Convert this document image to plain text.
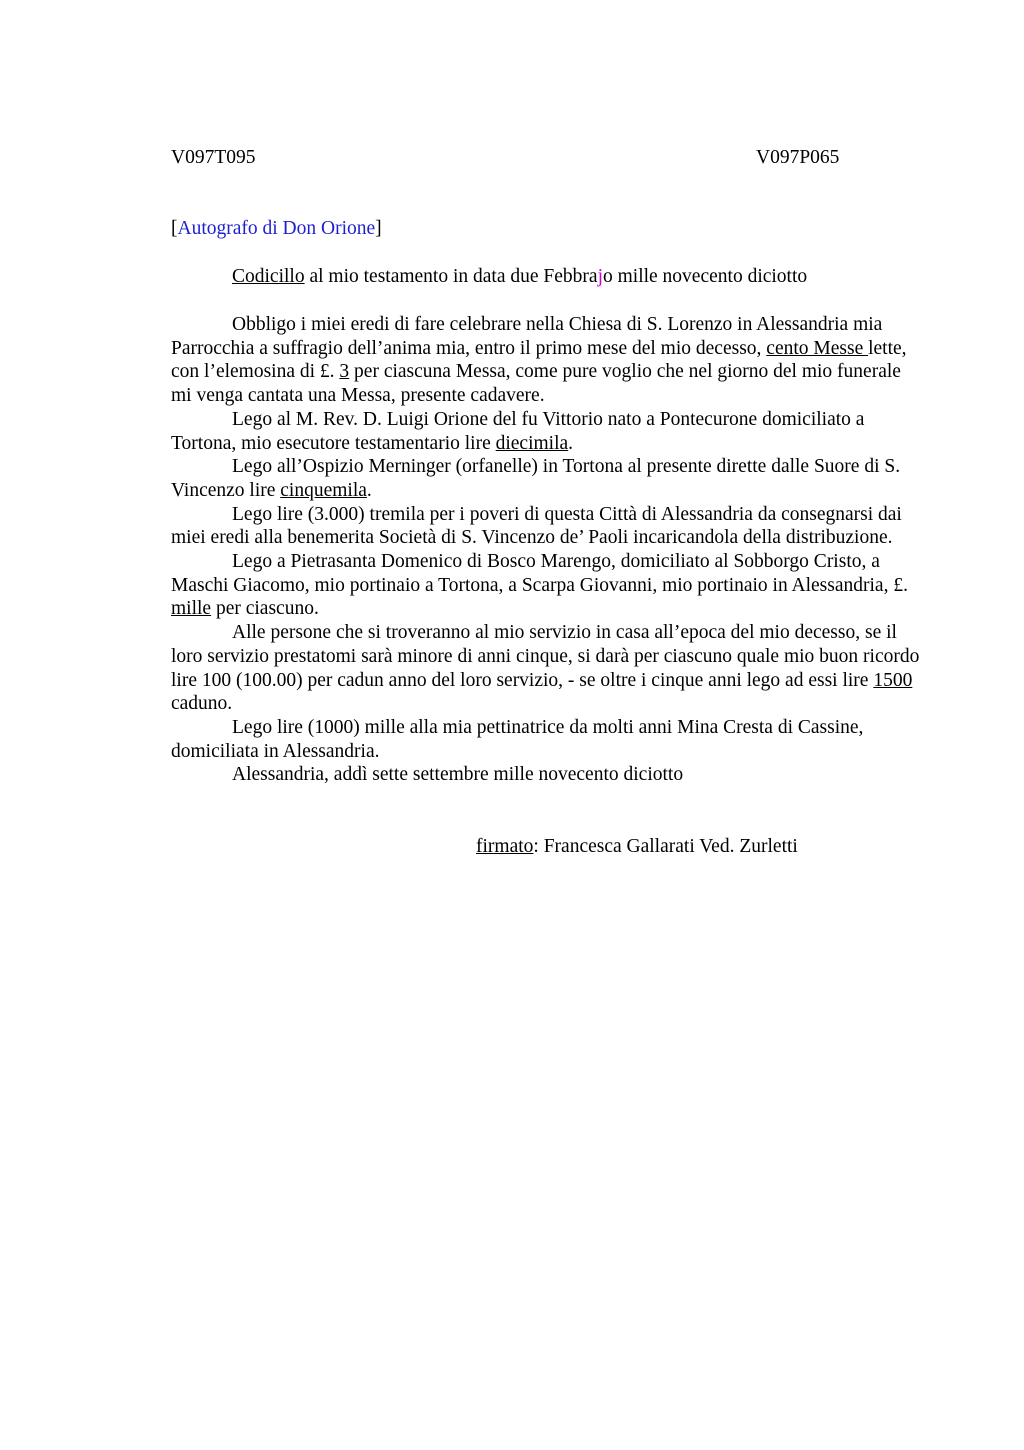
V097T095	V097P065
[Autografo di Don Orione]
Codicillo al mio testamento in data due Febbrajo mille novecento diciotto

Obbligo i miei eredi di fare celebrare nella Chiesa di S. Lorenzo in Alessandria mia Parrocchia a suffragio dell’anima mia, entro il primo mese del mio decesso, cento Messe lette, con l’elemosina di £. 3 per ciascuna Messa, come pure voglio che nel giorno del mio funerale mi venga cantata una Messa, presente cadavere.

Lego al M. Rev. D. Luigi Orione del fu Vittorio nato a Pontecurone domiciliato a Tortona, mio esecutore testamentario lire diecimila.

Lego all’Ospizio Merninger (orfanelle) in Tortona al presente dirette dalle Suore di S. Vincenzo lire cinquemila.

Lego lire (3.000) tremila per i poveri di questa Città di Alessandria da consegnarsi dai miei eredi alla benemerita Società di S. Vincenzo de’ Paoli incaricandola della distribuzione.

Lego a Pietrasanta Domenico di Bosco Marengo, domiciliato al Sobborgo Cristo, a Maschi Giacomo, mio portinaio a Tortona, a Scarpa Giovanni, mio portinaio in Alessandria, £. mille per ciascuno.

Alle persone che si troveranno al mio servizio in casa all’epoca del mio decesso, se il loro servizio prestatomi sarà minore di anni cinque, si darà per ciascuno quale mio buon ricordo lire 100 (100.00) per cadun anno del loro servizio, - se oltre i cinque anni lego ad essi lire 1500 caduno.

Lego lire (1000) mille alla mia pettinatrice da molti anni Mina Cresta di Cassine, domiciliata in Alessandria.

Alessandria, addì sette settembre mille novecento diciotto

firmato: Francesca Gallarati Ved. Zurletti
